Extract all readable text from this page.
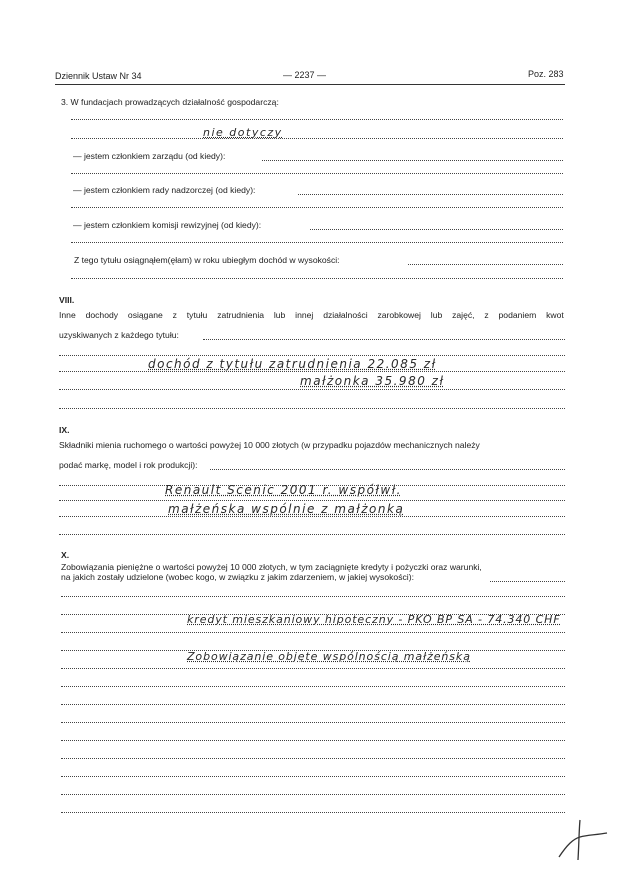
Dziennik Ustaw Nr 34	— 2237 —	Poz. 283
3. W fundacjach prowadzących działalność gospodarczą:
nie dotyczy
— jestem członkiem zarządu (od kiedy):
— jestem członkiem rady nadzorczej (od kiedy):
— jestem członkiem komisji rewizyjnej (od kiedy):
Z tego tytułu osiągnąłem(ęłam) w roku ubiegłym dochód w wysokości:
VIII.
Inne dochody osiągane z tytułu zatrudnienia lub innej działalności zarobkowej lub zajęć, z podaniem kwot
uzyskiwanych z każdego tytułu:
dochód z tytułu zatrudnienia 22.085 zł
małżonka 35.980 zł
IX.
Składniki mienia ruchomego o wartości powyżej 10 000 złotych (w przypadku pojazdów mechanicznych należy
podać markę, model i rok produkcji):
Renault Scenic 2001 r. współwł.
małżeńska wspólnie z małżonką
X.
Zobowiązania pieniężne o wartości powyżej 10 000 złotych, w tym zaciągnięte kredyty i pożyczki oraz warunki,
na jakich zostały udzielone (wobec kogo, w związku z jakim zdarzeniem, w jakiej wysokości):
kredyt mieszkaniowy hipoteczny - PKO BP SA - 74.340 CHF
Zobowiązanie objęte wspólnością małżeńską
